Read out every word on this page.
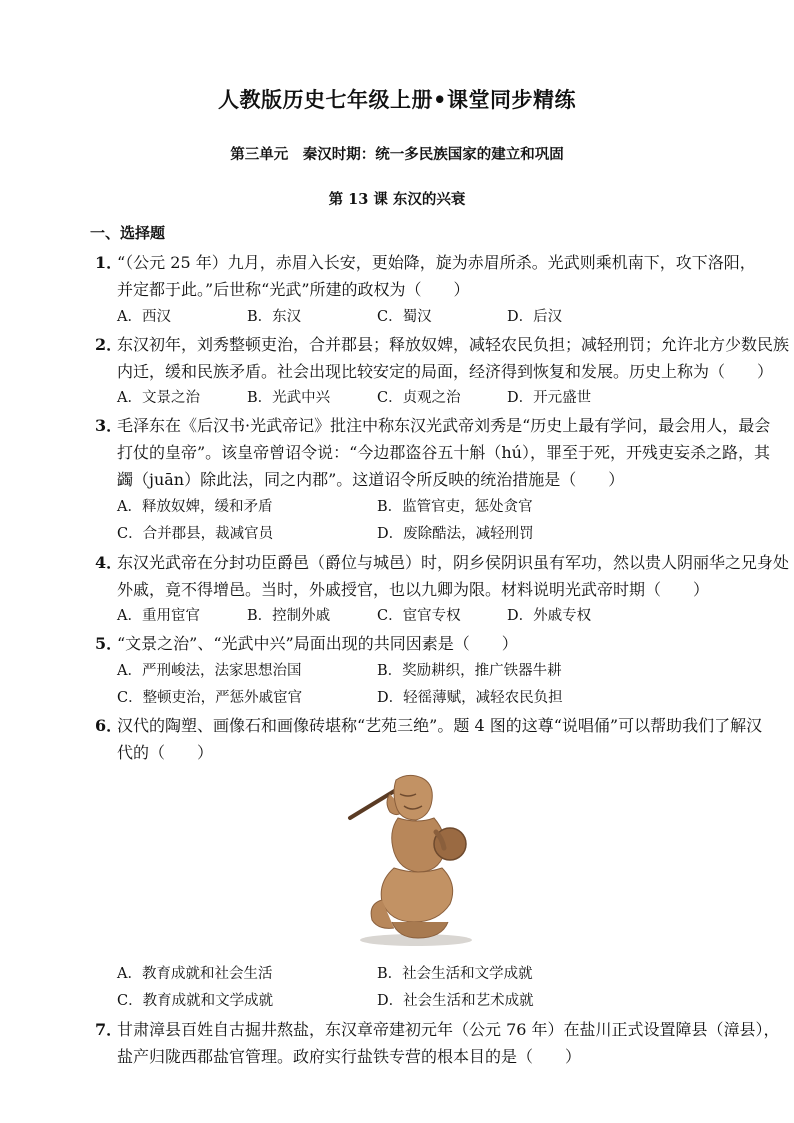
人教版历史七年级上册•课堂同步精练
第三单元　秦汉时期：统一多民族国家的建立和巩固
第 13 课 东汉的兴衰
一、选择题
1．
“（公元 25 年）九月，赤眉入长安，更始降，旋为赤眉所杀。光武则乘机南下，攻下洛阳，
并定都于此。”后世称“光武”所建的政权为（　　）
A．西汉	B．东汉	C．蜀汉	D．后汉
2．
东汉初年，刘秀整顿吏治，合并郡县；释放奴婢，减轻农民负担；减轻刑罚；允许北方少数民族
内迁，缓和民族矛盾。社会出现比较安定的局面，经济得到恢复和发展。历史上称为（　　）
A．文景之治	B．光武中兴	C．贞观之治	D．开元盛世
3．
毛泽东在《后汉书·光武帝记》批注中称东汉光武帝刘秀是“历史上最有学问，最会用人，最会
打仗的皇帝”。该皇帝曾诏令说：“今边郡盗谷五十斛（hú），罪至于死，开残吏妄杀之路，其
蠲（juān）除此法，同之内郡”。这道诏令所反映的统治措施是（　　）
A．释放奴婢，缓和矛盾	B．监管官吏，惩处贪官
C．合并郡县，裁减官员	D．废除酷法，减轻刑罚
4．
东汉光武帝在分封功臣爵邑（爵位与城邑）时，阴乡侯阴识虽有军功，然以贵人阴丽华之兄身处
外戚，竟不得增邑。当时，外戚授官，也以九卿为限。材料说明光武帝时期（　　）
A．重用宦官	B．控制外戚	C．宦官专权	D．外戚专权
5．
“文景之治”、“光武中兴”局面出现的共同因素是（　　）
A．严刑峻法，法家思想治国	B．奖励耕织，推广铁器牛耕
C．整顿吏治，严惩外戚宦官	D．轻徭薄赋，减轻农民负担
6．
汉代的陶塑、画像石和画像砖堪称“艺苑三绝”。题 4 图的这尊“说唱俑”可以帮助我们了解汉
代的（　　）
A．教育成就和社会生活	B．社会生活和文学成就
C．教育成就和文学成就	D．社会生活和艺术成就
7．
甘肃漳县百姓自古掘井熬盐，东汉章帝建初元年（公元 76 年）在盐川正式设置障县（漳县），
盐产归陇西郡盐官管理。政府实行盐铁专营的根本目的是（　　）
